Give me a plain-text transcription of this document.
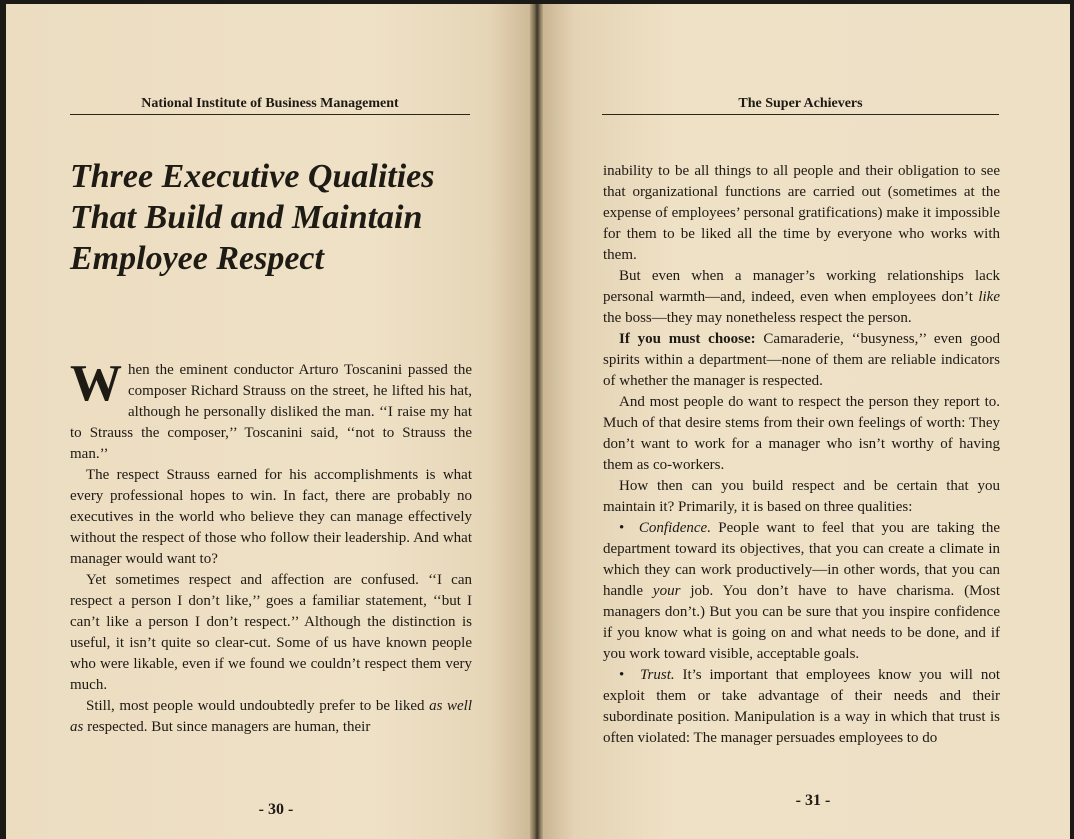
National Institute of Business Management
Three Executive Qualities That Build and Maintain Employee Respect

When the eminent conductor Arturo Toscanini passed the composer Richard Strauss on the street, he lifted his hat, although he personally disliked the man. ‘‘I raise my hat to Strauss the composer,’’ Toscanini said, ‘‘not to Strauss the man.’’

The respect Strauss earned for his accomplishments is what every professional hopes to win. In fact, there are probably no executives in the world who believe they can manage effectively without the respect of those who follow their leadership. And what manager would want to?

Yet sometimes respect and affection are confused. ‘‘I can respect a person I don’t like,’’ goes a familiar statement, ‘‘but I can’t like a person I don’t respect.’’ Although the distinction is useful, it isn’t quite so clear-cut. Some of us have known people who were likable, even if we found we couldn’t respect them very much.

Still, most people would undoubtedly prefer to be liked as well as respected. But since managers are human, their

- 30 -
The Super Achievers

inability to be all things to all people and their obligation to see that organizational functions are carried out (sometimes at the expense of employees’ personal gratifications) make it impossible for them to be liked all the time by everyone who works with them.

But even when a manager’s working relationships lack personal warmth—and, indeed, even when employees don’t like the boss—they may nonetheless respect the person.

If you must choose: Camaraderie, ‘‘busyness,’’ even good spirits within a department—none of them are reliable indicators of whether the manager is respected.

And most people do want to respect the person they report to. Much of that desire stems from their own feelings of worth: They don’t want to work for a manager who isn’t worthy of having them as co-workers.

How then can you build respect and be certain that you maintain it? Primarily, it is based on three qualities:

• Confidence. People want to feel that you are taking the department toward its objectives, that you can create a climate in which they can work productively—in other words, that you can handle your job. You don’t have to have charisma. (Most managers don’t.) But you can be sure that you inspire confidence if you know what is going on and what needs to be done, and if you work toward visible, acceptable goals.

• Trust. It’s important that employees know you will not exploit them or take advantage of their needs and their subordinate position. Manipulation is a way in which that trust is often violated: The manager persuades employees to do

- 31 -
